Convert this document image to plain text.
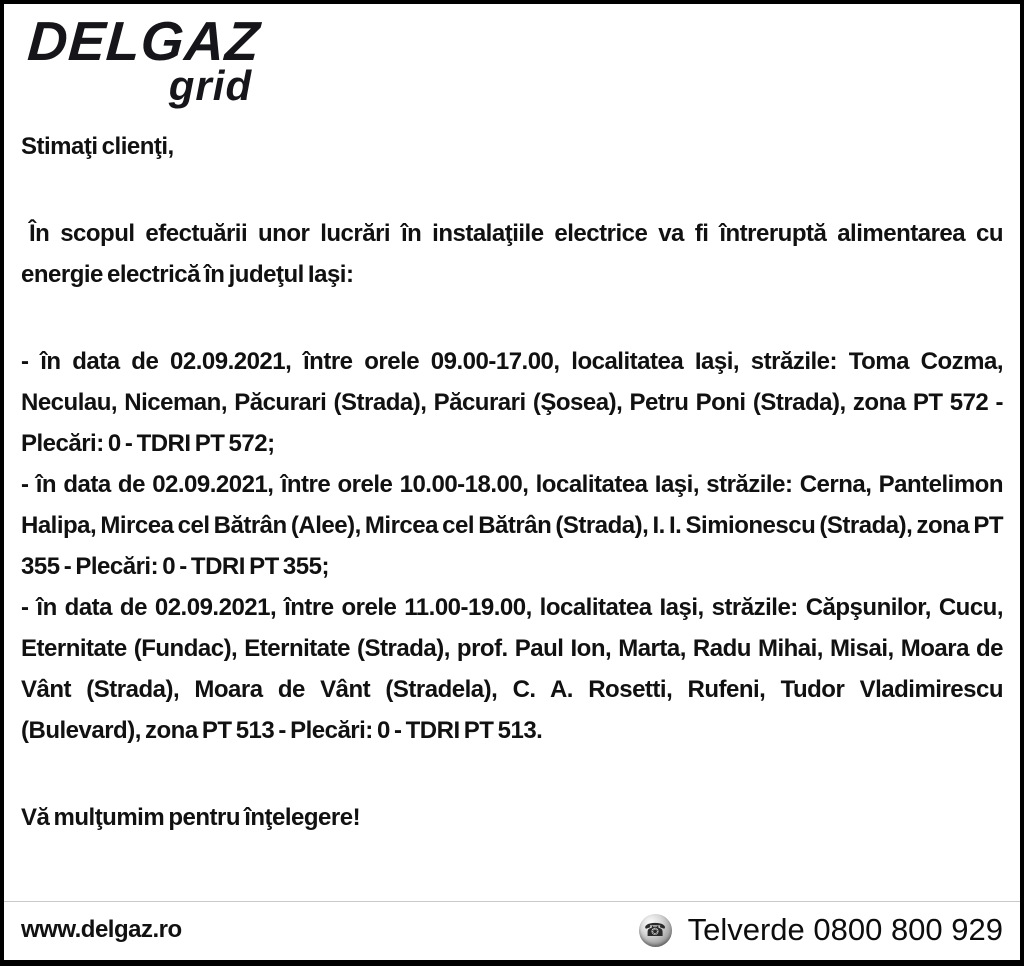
DELGAZ
grid
Stimaţi clienţi,
În scopul efectuării unor lucrări în instalaţiile electrice va fi întreruptă alimentarea cu energie electrică în judeţul Iaşi:
- în data de 02.09.2021, între orele 09.00-17.00, localitatea Iaşi, străzile: Toma Cozma, Neculau, Niceman, Păcurari (Strada), Păcurari (Şosea), Petru Poni (Strada), zona PT 572 - Plecări: 0 - TDRI PT 572;
- în data de 02.09.2021, între orele 10.00-18.00, localitatea Iaşi, străzile: Cerna, Pantelimon Halipa, Mircea cel Bătrân (Alee), Mircea cel Bătrân (Strada), I. I. Simionescu (Strada), zona PT 355 - Plecări: 0 - TDRI PT 355;
- în data de 02.09.2021, între orele 11.00-19.00, localitatea Iaşi, străzile: Căpşunilor, Cucu, Eternitate (Fundac), Eternitate (Strada), prof. Paul Ion, Marta, Radu Mihai, Misai, Moara de Vânt (Strada), Moara de Vânt (Stradela), C. A. Rosetti, Rufeni, Tudor Vladimirescu (Bulevard), zona PT 513 - Plecări: 0 - TDRI PT 513.
Vă mulţumim pentru înţelegere!
www.delgaz.ro	☎ Telverde 0800 800 929
